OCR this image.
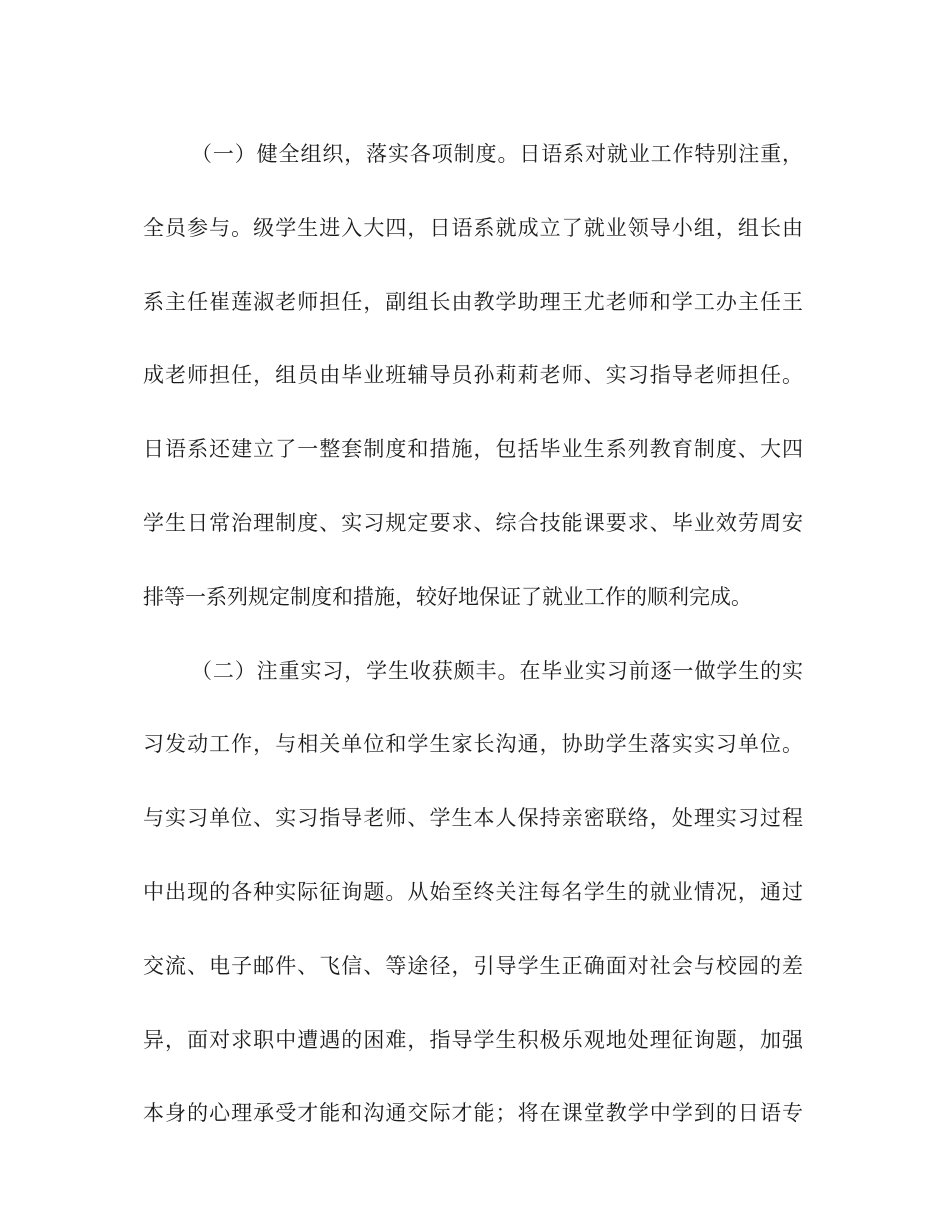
（一）健全组织，落实各项制度。日语系对就业工作特别注重，
全员参与。级学生进入大四，日语系就成立了就业领导小组，组长由
系主任崔莲淑老师担任，副组长由教学助理王尤老师和学工办主任王
成老师担任，组员由毕业班辅导员孙莉莉老师、实习指导老师担任。
日语系还建立了一整套制度和措施，包括毕业生系列教育制度、大四
学生日常治理制度、实习规定要求、综合技能课要求、毕业效劳周安
排等一系列规定制度和措施，较好地保证了就业工作的顺利完成。
（二）注重实习，学生收获颇丰。在毕业实习前逐一做学生的实
习发动工作，与相关单位和学生家长沟通，协助学生落实实习单位。
与实习单位、实习指导老师、学生本人保持亲密联络，处理实习过程
中出现的各种实际征询题。从始至终关注每名学生的就业情况，通过
交流、电子邮件、飞信、等途径，引导学生正确面对社会与校园的差
异，面对求职中遭遇的困难，指导学生积极乐观地处理征询题，加强
本身的心理承受才能和沟通交际才能；将在课堂教学中学到的日语专
